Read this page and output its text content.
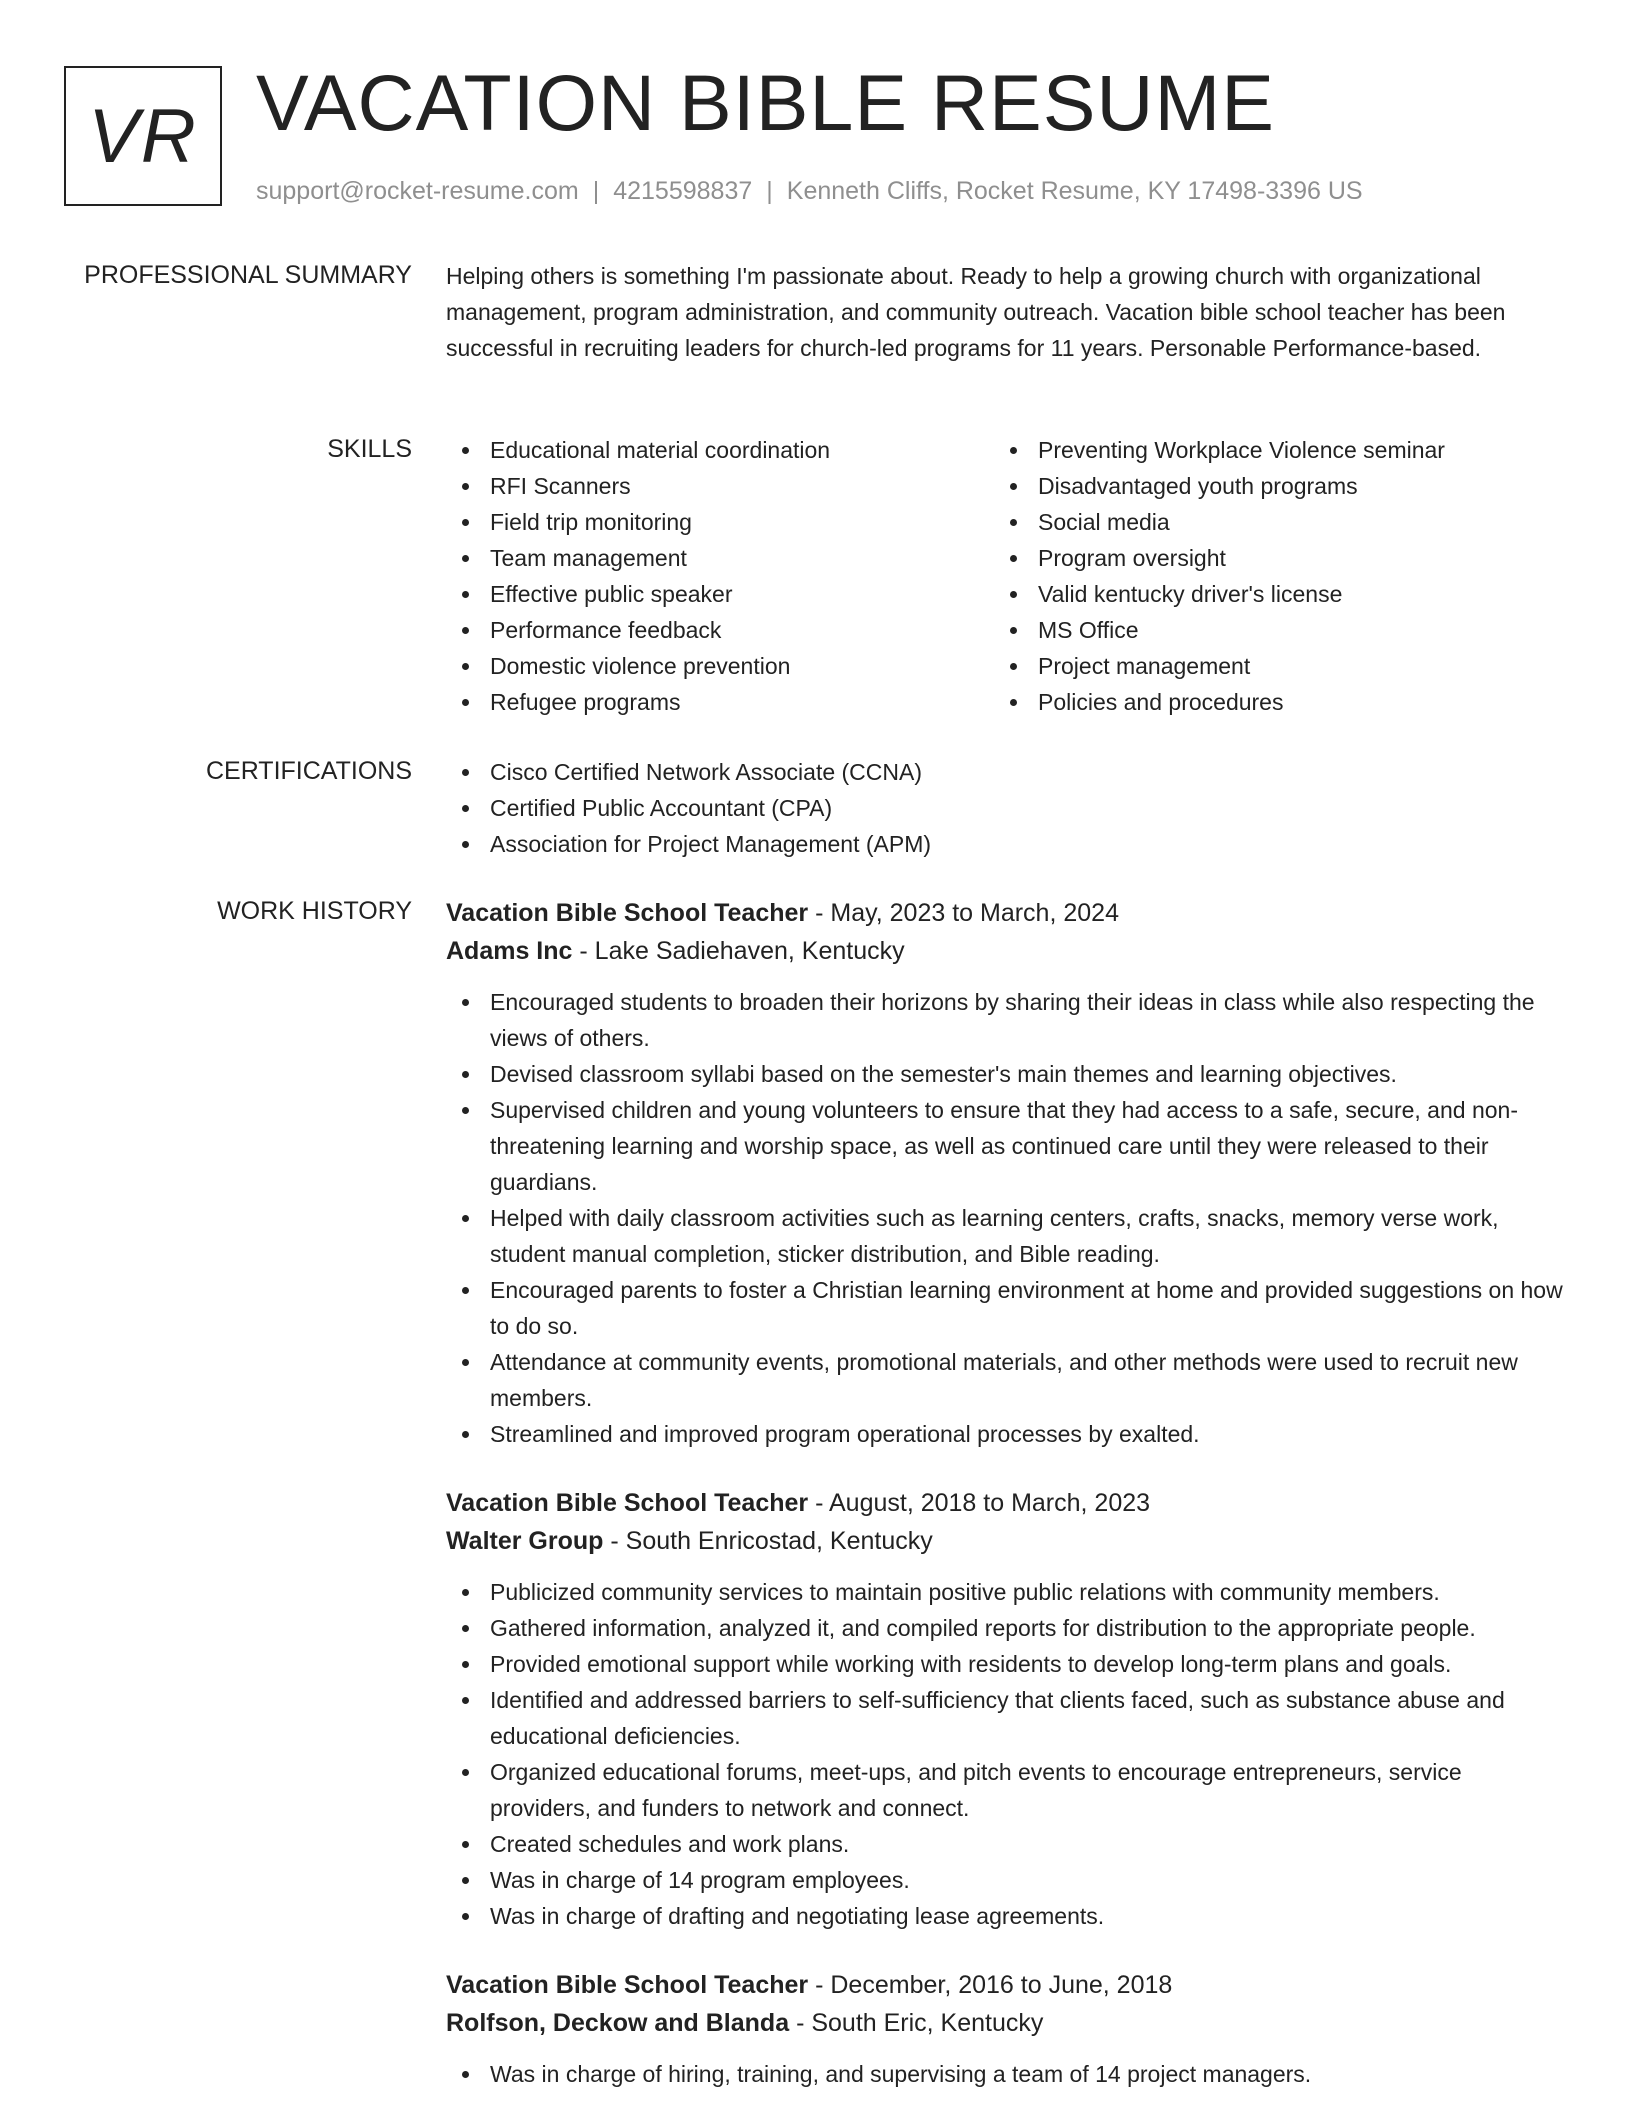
VR VACATION BIBLE RESUME
support@rocket-resume.com | 4215598837 | Kenneth Cliffs, Rocket Resume, KY 17498-3396 US
PROFESSIONAL SUMMARY Helping others is something I'm passionate about. Ready to help a growing church with organizational management, program administration, and community outreach. Vacation bible school teacher has been successful in recruiting leaders for church-led programs for 11 years. Personable Performance-based.
SKILLS	Educational material coordination
RFI Scanners
Field trip monitoring
Team management
Effective public speaker
Performance feedback
Domestic violence prevention
Refugee programs
Preventing Workplace Violence seminar
Disadvantaged youth programs
Social media
Program oversight
Valid kentucky driver's license
MS Office
Project management
Policies and procedures
CERTIFICATIONS	Cisco Certified Network Associate (CCNA)
Certified Public Accountant (CPA)
Association for Project Management (APM)
WORK HISTORY Vacation Bible School Teacher - May, 2023 to March, 2024
Adams Inc - Lake Sadiehaven, Kentucky
Encouraged students to broaden their horizons by sharing their ideas in class while also respecting the views of others.
Devised classroom syllabi based on the semester's main themes and learning objectives.
Supervised children and young volunteers to ensure that they had access to a safe, secure, and non-threatening learning and worship space, as well as continued care until they were released to their guardians.
Helped with daily classroom activities such as learning centers, crafts, snacks, memory verse work, student manual completion, sticker distribution, and Bible reading.
Encouraged parents to foster a Christian learning environment at home and provided suggestions on how to do so.
Attendance at community events, promotional materials, and other methods were used to recruit new members.
Streamlined and improved program operational processes by exalted.
Vacation Bible School Teacher - August, 2018 to March, 2023
Walter Group - South Enricostad, Kentucky
Publicized community services to maintain positive public relations with community members.
Gathered information, analyzed it, and compiled reports for distribution to the appropriate people.
Provided emotional support while working with residents to develop long-term plans and goals.
Identified and addressed barriers to self-sufficiency that clients faced, such as substance abuse and educational deficiencies.
Organized educational forums, meet-ups, and pitch events to encourage entrepreneurs, service providers, and funders to network and connect.
Created schedules and work plans.
Was in charge of 14 program employees.
Was in charge of drafting and negotiating lease agreements.
Vacation Bible School Teacher - December, 2016 to June, 2018
Rolfson, Deckow and Blanda - South Eric, Kentucky
Was in charge of hiring, training, and supervising a team of 14 project managers.
